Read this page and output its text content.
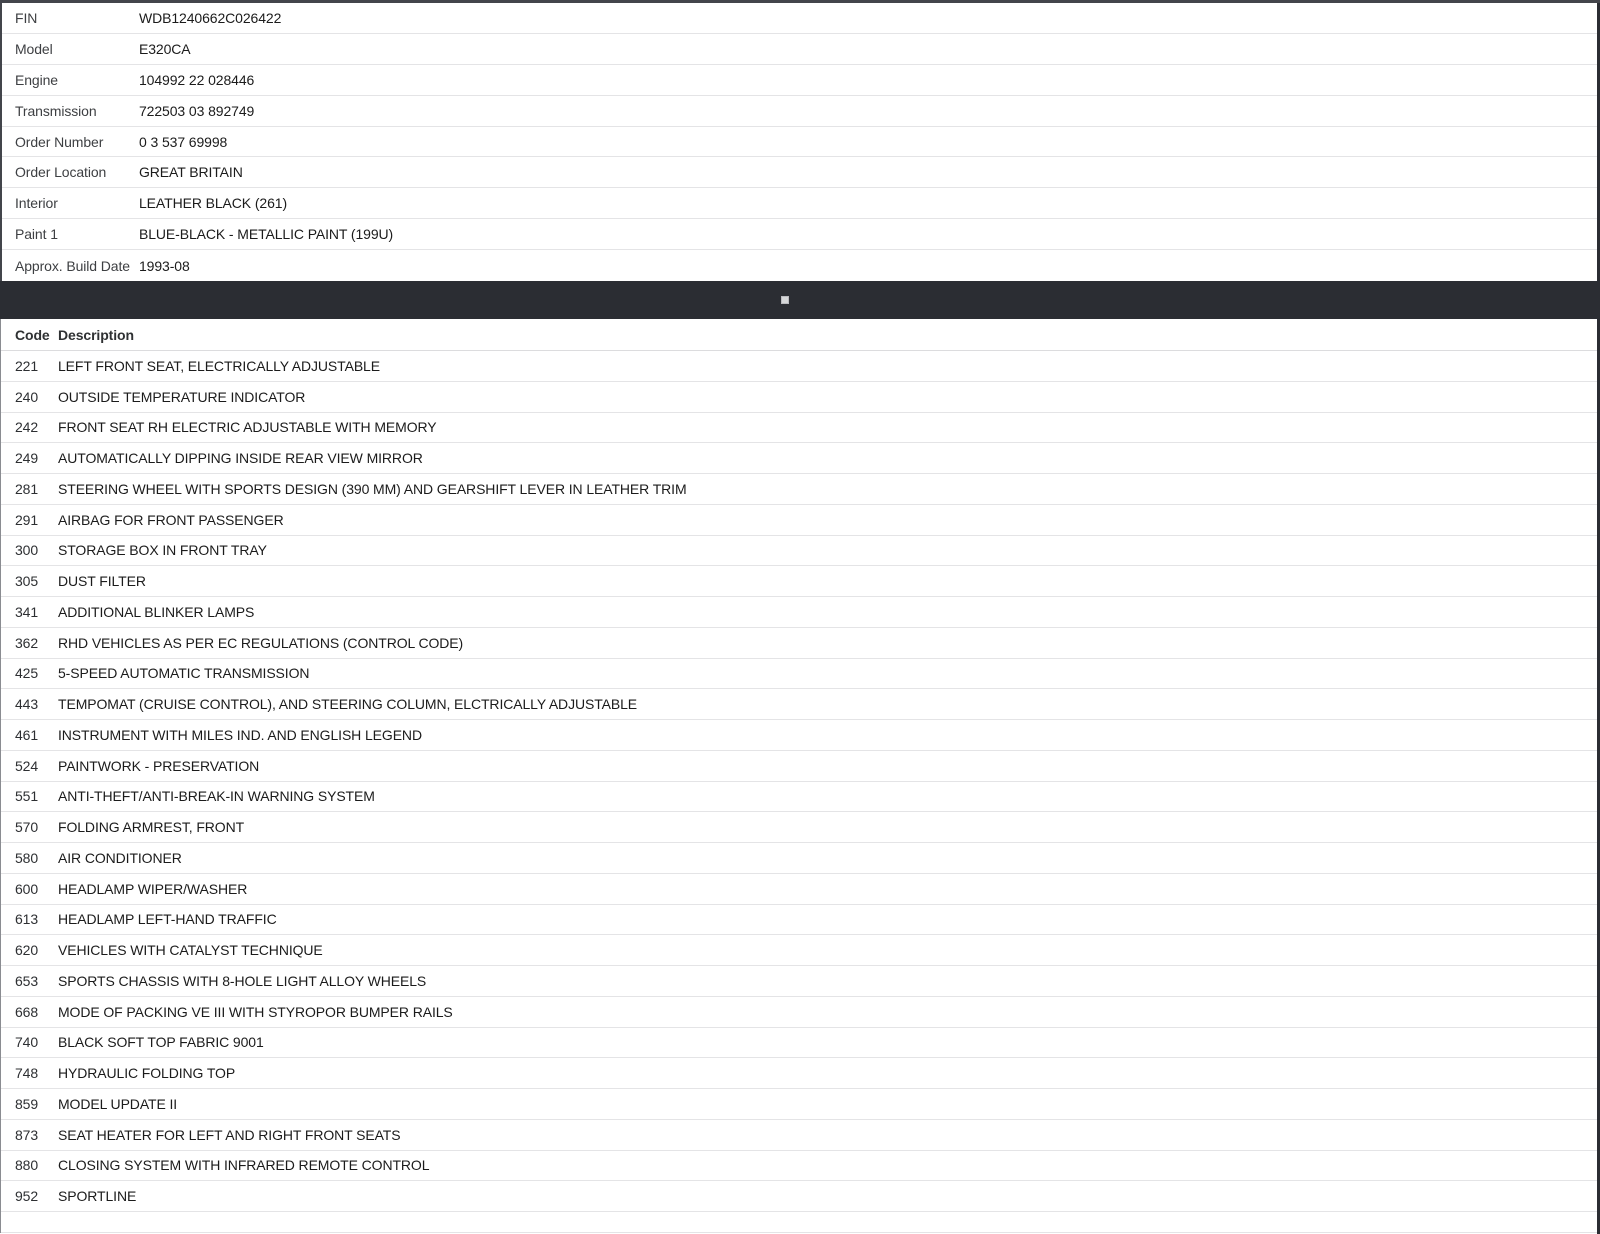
FIN	WDB1240662C026422
Model	E320CA
Engine	104992 22 028446
Transmission	722503 03 892749
Order Number	0 3 537 69998
Order Location	GREAT BRITAIN
Interior	LEATHER BLACK (261)
Paint 1	BLUE-BLACK - METALLIC PAINT (199U)
Approx. Build Date 1993-08
Code Description
221	LEFT FRONT SEAT, ELECTRICALLY ADJUSTABLE
240	OUTSIDE TEMPERATURE INDICATOR
242	FRONT SEAT RH ELECTRIC ADJUSTABLE WITH MEMORY
249	AUTOMATICALLY DIPPING INSIDE REAR VIEW MIRROR
281	STEERING WHEEL WITH SPORTS DESIGN (390 MM) AND GEARSHIFT LEVER IN LEATHER TRIM
291	AIRBAG FOR FRONT PASSENGER
300	STORAGE BOX IN FRONT TRAY
305	DUST FILTER
341	ADDITIONAL BLINKER LAMPS
362	RHD VEHICLES AS PER EC REGULATIONS (CONTROL CODE)
425	5-SPEED AUTOMATIC TRANSMISSION
443	TEMPOMAT (CRUISE CONTROL), AND STEERING COLUMN, ELCTRICALLY ADJUSTABLE
461	INSTRUMENT WITH MILES IND. AND ENGLISH LEGEND
524	PAINTWORK - PRESERVATION
551	ANTI-THEFT/ANTI-BREAK-IN WARNING SYSTEM
570	FOLDING ARMREST, FRONT
580	AIR CONDITIONER
600	HEADLAMP WIPER/WASHER
613	HEADLAMP LEFT-HAND TRAFFIC
620	VEHICLES WITH CATALYST TECHNIQUE
653	SPORTS CHASSIS WITH 8-HOLE LIGHT ALLOY WHEELS
668	MODE OF PACKING VE III WITH STYROPOR BUMPER RAILS
740	BLACK SOFT TOP FABRIC 9001
748	HYDRAULIC FOLDING TOP
859	MODEL UPDATE II
873	SEAT HEATER FOR LEFT AND RIGHT FRONT SEATS
880	CLOSING SYSTEM WITH INFRARED REMOTE CONTROL
952	SPORTLINE
